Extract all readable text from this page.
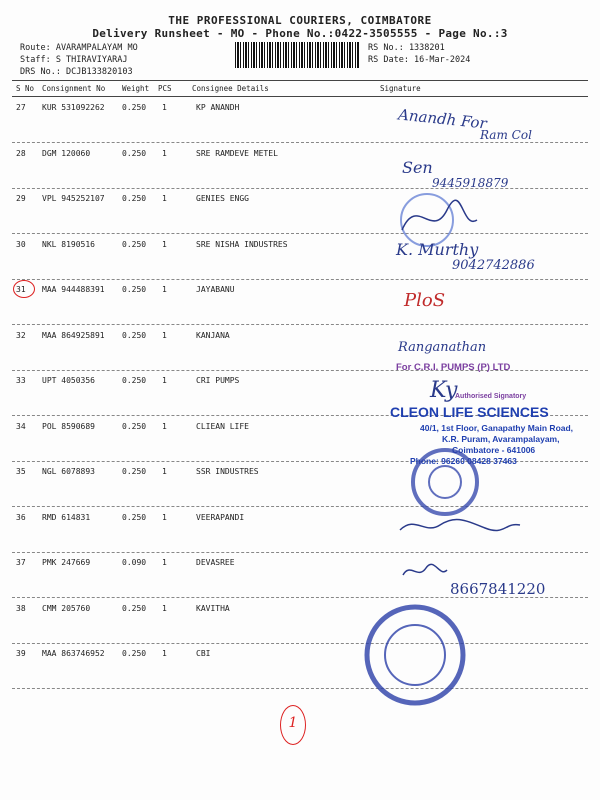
THE PROFESSIONAL COURIERS, COIMBATORE
Delivery Runsheet - MO - Phone No.:0422-3505555 - Page No.:3
Route: AVARAMPALAYAM MO
Staff: S THIRAVIYARAJ
DRS No.: DCJB133820103
RS No.: 1338201
RS Date: 16-Mar-2024
S No Consignment No Weight PCS	Consignee Details	Signature
27 KUR 531092262 0.250 1	KP ANANDH
28 DGM 120060	0.250 1	SRE RAMDEVE METEL
29 VPL 945252107 0.250 1	GENIES ENGG
30 NKL 8190516	0.250 1	SRE NISHA INDUSTRES
31 MAA 944488391 0.250 1	JAYABANU
32 MAA 864925891 0.250 1	KANJANA
33 UPT 4050356	0.250 1	CRI PUMPS
34 POL 8590689	0.250 1	CLIEAN LIFE
35 NGL 6078893	0.250 1	SSR INDUSTRES
36 RMD 614831	0.250 1	VEERAPANDI
37 PMK 247669	0.090 1	DEVASREE
38 CMM 205760	0.250 1	KAVITHA
39 MAA 863746952 0.250 1	CBI
Anandh For
Ram Col
Sen
9445918879
K. Murthy
9042742886
PloS
Ranganathan
For C.R.I. PUMPS (P) LTD
Ky
Authorised Signatory
CLEON LIFE SCIENCES
40/1, 1st Floor, Ganapathy Main Road,
K.R. Puram, Avarampalayam,
Coimbatore - 641006
Phone: 96260 08428 37463
8667841220
1
